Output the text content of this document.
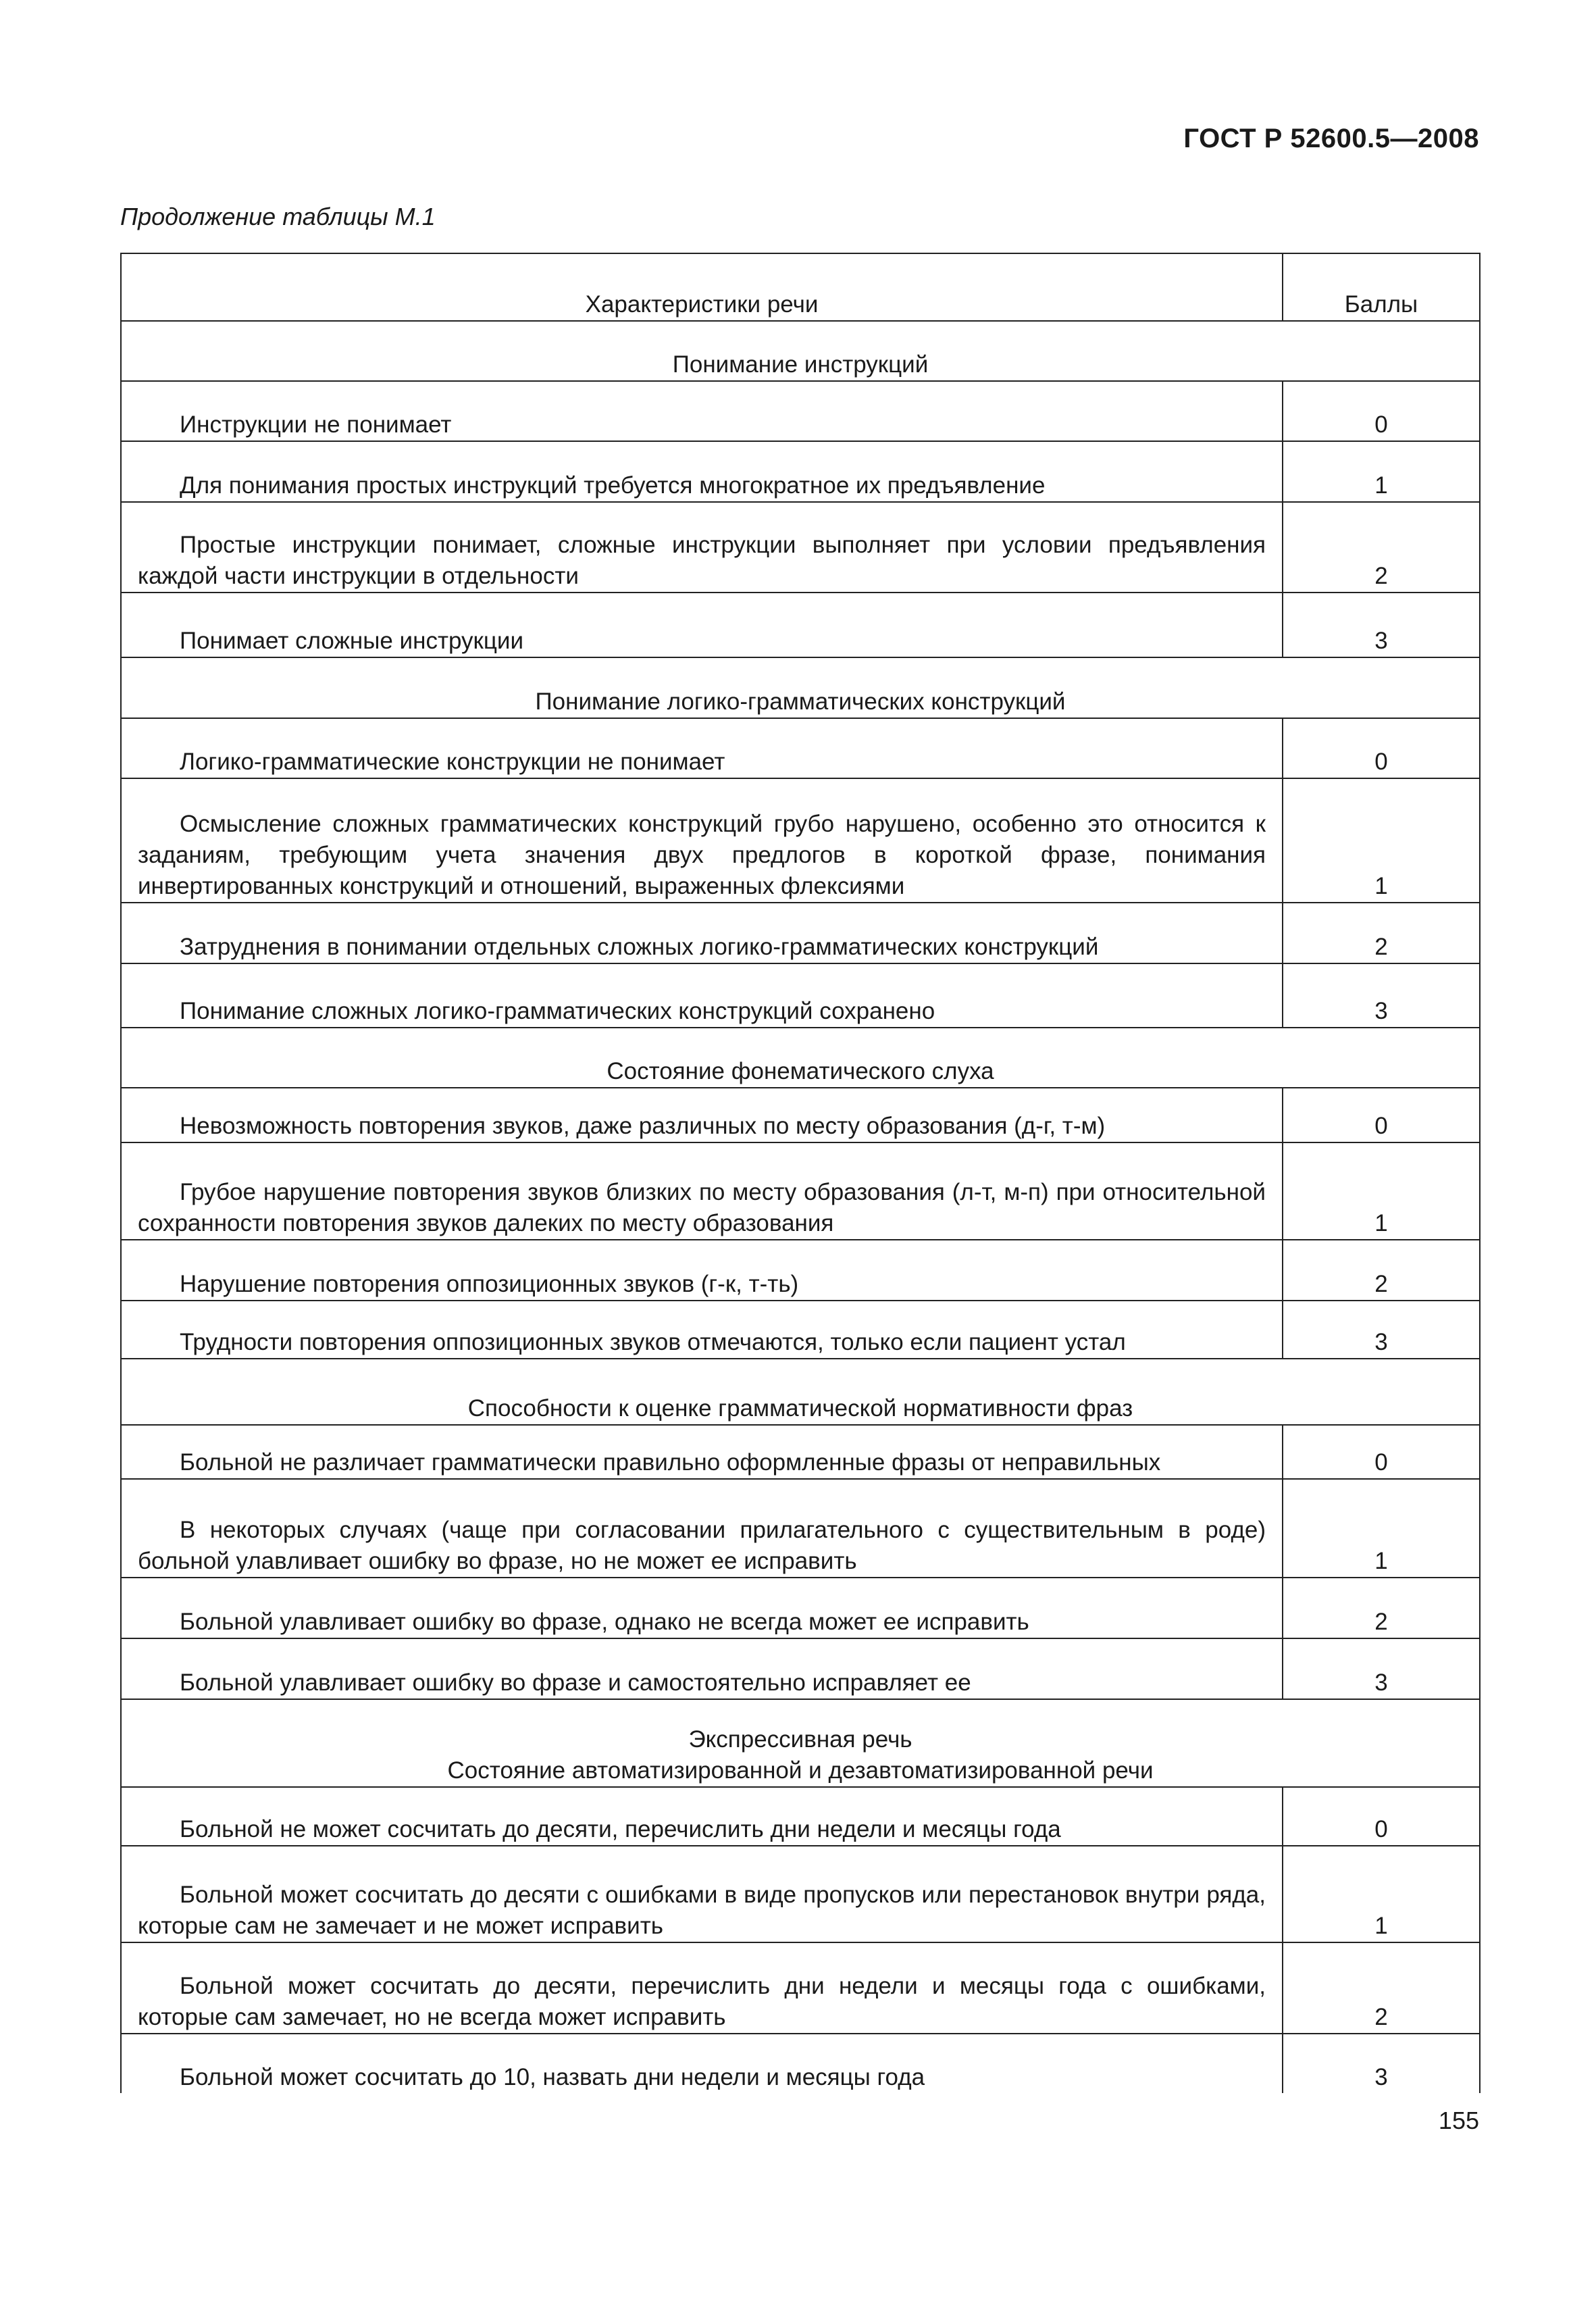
ГОСТ Р 52600.5—2008
Продолжение таблицы М.1
Характеристики речи	Баллы
Понимание инструкций	
Инструкции не понимает	0
Для понимания простых инструкций требуется многократное их предъявление	1
Простые инструкции понимает, сложные инструкции выполняет при условии предъявления каждой части инструкции в отдельности	2
Понимает сложные инструкции	3
Понимание логико-грамматических конструкций	
Логико-грамматические конструкции не понимает	0
Осмысление сложных грамматических конструкций грубо нарушено, особенно это относится к заданиям, требующим учета значения двух предлогов в короткой фразе, понимания инвертированных конструкций и отношений, выраженных флексиями	1
Затруднения в понимании отдельных сложных логико-грамматических конструкций	2
Понимание сложных логико-грамматических конструкций сохранено	3
Состояние фонематического слуха	
Невозможность повторения звуков, даже различных по месту образования (д-г, т-м)	0
Грубое нарушение повторения звуков близких по месту образования (л-т, м-п) при относительной сохранности повторения звуков далеких по месту образования	1
Нарушение повторения оппозиционных звуков (г-к, т-ть)	2
Трудности повторения оппозиционных звуков отмечаются, только если пациент устал	3
Способности к оценке грамматической нормативности фраз	
Больной не различает грамматически правильно оформленные фразы от неправильных	0
В некоторых случаях (чаще при согласовании прилагательного с существительным в роде) больной улавливает ошибку во фразе, но не может ее исправить	1
Больной улавливает ошибку во фразе, однако не всегда может ее исправить	2
Больной улавливает ошибку во фразе и самостоятельно исправляет ее	3

Экспрессивная речь
Состояние автоматизированной и дезавтоматизированной речи	

Больной не может сосчитать до десяти, перечислить дни недели и месяцы года	0
Больной может сосчитать до десяти с ошибками в виде пропусков или перестановок внутри ряда, которые сам не замечает и не может исправить	1
Больной может сосчитать до десяти, перечислить дни недели и месяцы года с ошибками, которые сам замечает, но не всегда может исправить	2
Больной может сосчитать до 10, назвать дни недели и месяцы года	3
155
